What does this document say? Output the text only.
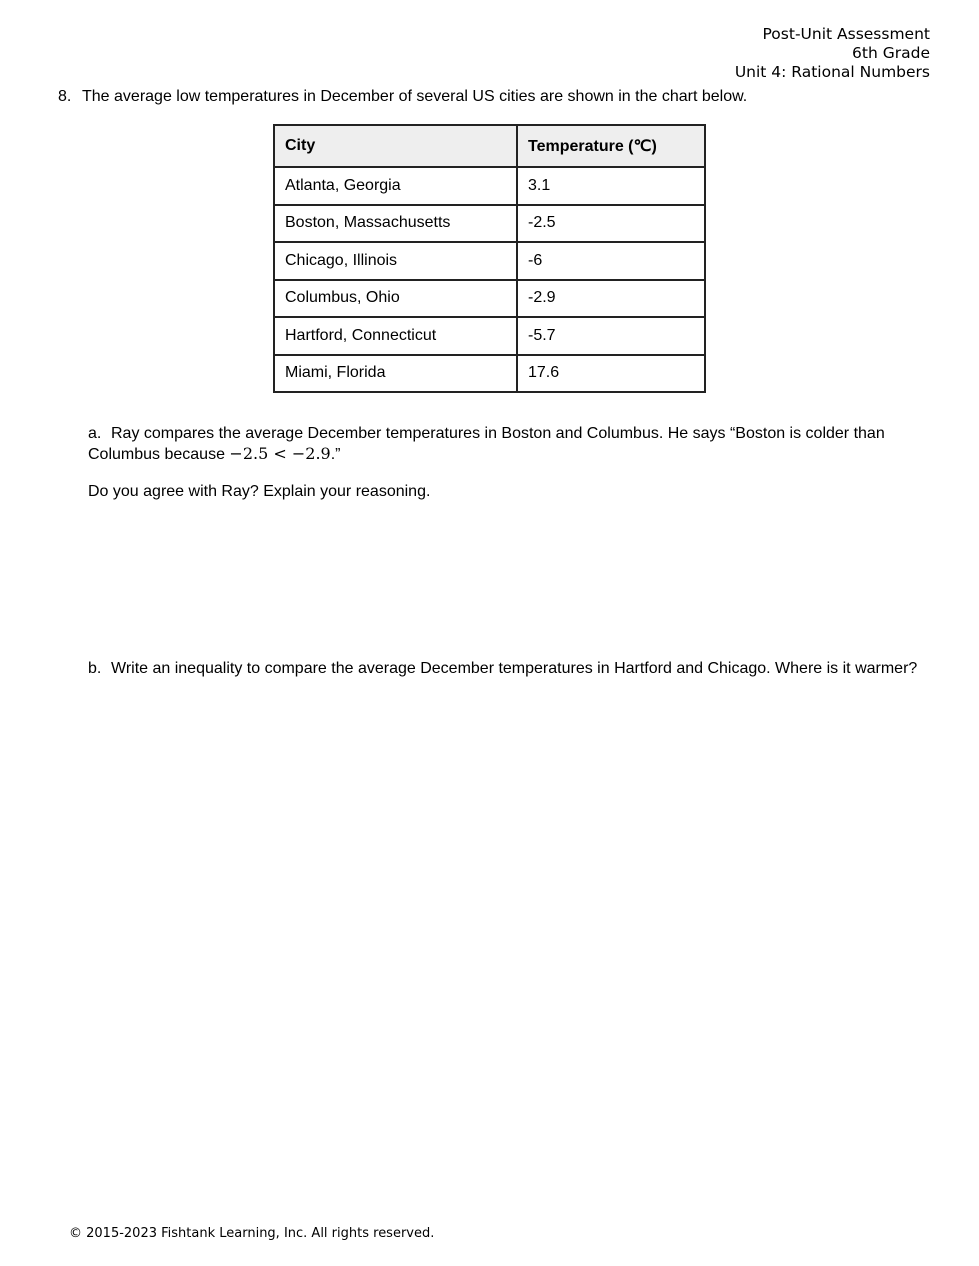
Post-Unit Assessment
6th Grade
Unit 4: Rational Numbers
8. The average low temperatures in December of several US cities are shown in the chart below.
City	Temperature (℃)
Atlanta, Georgia	3.1
Boston, Massachusetts	-2.5
Chicago, Illinois	-6
Columbus, Ohio	-2.9
Hartford, Connecticut	-5.7
Miami, Florida	17.6
a. Ray compares the average December temperatures in Boston and Columbus. He says “Boston is colder than Columbus because −2.5 < −2.9.”
Do you agree with Ray? Explain your reasoning.
b. Write an inequality to compare the average December temperatures in Hartford and Chicago. Where is it warmer?
© 2015-2023 Fishtank Learning, Inc. All rights reserved.
